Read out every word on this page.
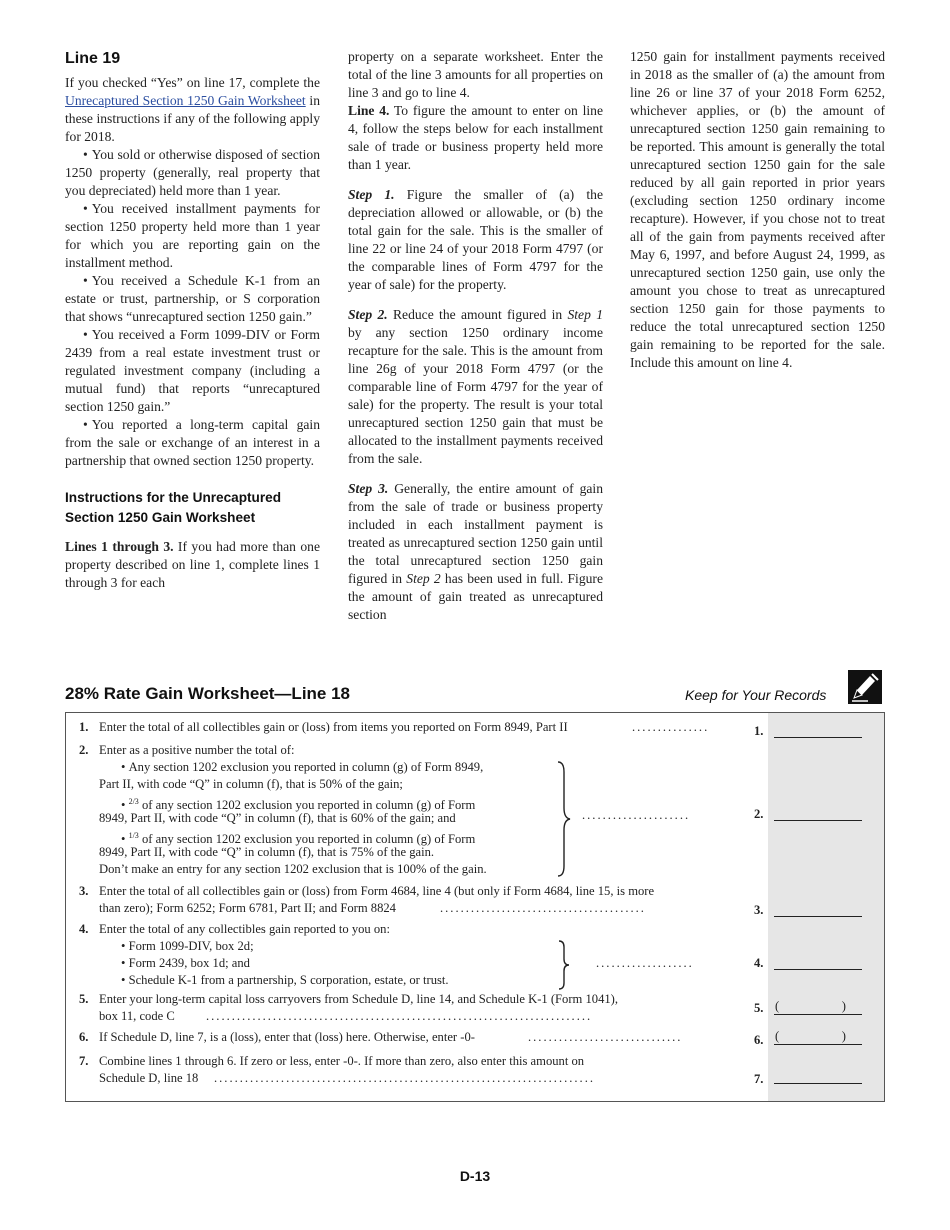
Line 19

If you checked “Yes” on line 17, complete the Unrecaptured Section 1250 Gain Worksheet in these instructions if any of the following apply for 2018.

• You sold or otherwise disposed of section 1250 property (generally, real property that you depreciated) held more than 1 year.

• You received installment payments for section 1250 property held more than 1 year for which you are reporting gain on the installment method.

• You received a Schedule K-1 from an estate or trust, partnership, or S corporation that shows “unrecaptured section 1250 gain.”

• You received a Form 1099-DIV or Form 2439 from a real estate investment trust or regulated investment company (including a mutual fund) that reports “unrecaptured section 1250 gain.”

• You reported a long-term capital gain from the sale or exchange of an interest in a partnership that owned section 1250 property.

Instructions for the Unrecaptured Section 1250 Gain Worksheet

Lines 1 through 3. If you had more than one property described on line 1, complete lines 1 through 3 for each

property on a separate worksheet. Enter the total of the line 3 amounts for all properties on line 3 and go to line 4.

Line 4. To figure the amount to enter on line 4, follow the steps below for each installment sale of trade or business property held more than 1 year.

Step 1. Figure the smaller of (a) the depreciation allowed or allowable, or (b) the total gain for the sale. This is the smaller of line 22 or line 24 of your 2018 Form 4797 (or the comparable lines of Form 4797 for the year of sale) for the property.

Step 2. Reduce the amount figured in Step 1 by any section 1250 ordinary income recapture for the sale. This is the amount from line 26g of your 2018 Form 4797 (or the comparable line of Form 4797 for the year of sale) for the property. The result is your total unrecaptured section 1250 gain that must be allocated to the installment payments received from the sale.

Step 3. Generally, the entire amount of gain from the sale of trade or business property included in each installment payment is treated as unrecaptured section 1250 gain until the total unrecaptured section 1250 gain figured in Step 2 has been used in full. Figure the amount of gain treated as unrecaptured section

1250 gain for installment payments received in 2018 as the smaller of (a) the amount from line 26 or line 37 of your 2018 Form 6252, whichever applies, or (b) the amount of unrecaptured section 1250 gain remaining to be reported. This amount is generally the total unrecaptured section 1250 gain for the sale reduced by all gain reported in prior years (excluding section 1250 ordinary income recapture). However, if you chose not to treat all of the gain from payments received after May 6, 1997, and before August 24, 1999, as unrecaptured section 1250 gain, use only the amount you chose to treat as unrecaptured section 1250 gain for those payments to reduce the total unrecaptured section 1250 gain remaining to be reported for the sale. Include this amount on line 4.

28% Rate Gain Worksheet—Line 18	Keep for Your Records
1. Enter the total of all collectibles gain or (loss) from items you reported on Form 8949, Part II	...............	1.
2. Enter as a positive number the total of:
• Any section 1202 exclusion you reported in column (g) of Form 8949,
Part II, with code “Q” in column (f), that is 50% of the gain;
• $^{2/3}$ of any section 1202 exclusion you reported in column (g) of Form
8949, Part II, with code “Q” in column (f), that is 60% of the gain; and
• $^{1/3}$ of any section 1202 exclusion you reported in column (g) of Form
8949, Part II, with code “Q” in column (f), that is 75% of the gain.
Don’t make an entry for any section 1202 exclusion that is 100% of the gain.
.....................	2.
3. Enter the total of all collectibles gain or (loss) from Form 4684, line 4 (but only if Form 4684, line 15, is more
than zero); Form 6252; Form 6781, Part II; and Form 8824	........................................	3.
4. Enter the total of any collectibles gain reported to you on:
• Form 1099-DIV, box 2d;
• Form 2439, box 1d; and
• Schedule K-1 from a partnership, S corporation, estate, or trust.
...................	4.
5. Enter your long-term capital loss carryovers from Schedule D, line 14, and Schedule K-1 (Form 1041),
box 11, code C ...........................................................................
5. (	)
6. If Schedule D, line 7, is a (loss), enter that (loss) here. Otherwise, enter -0-	..............................	6. (	)
7. Combine lines 1 through 6. If zero or less, enter -0-. If more than zero, also enter this amount on
Schedule D, line 18 ..........................................................................	7.
D-13
